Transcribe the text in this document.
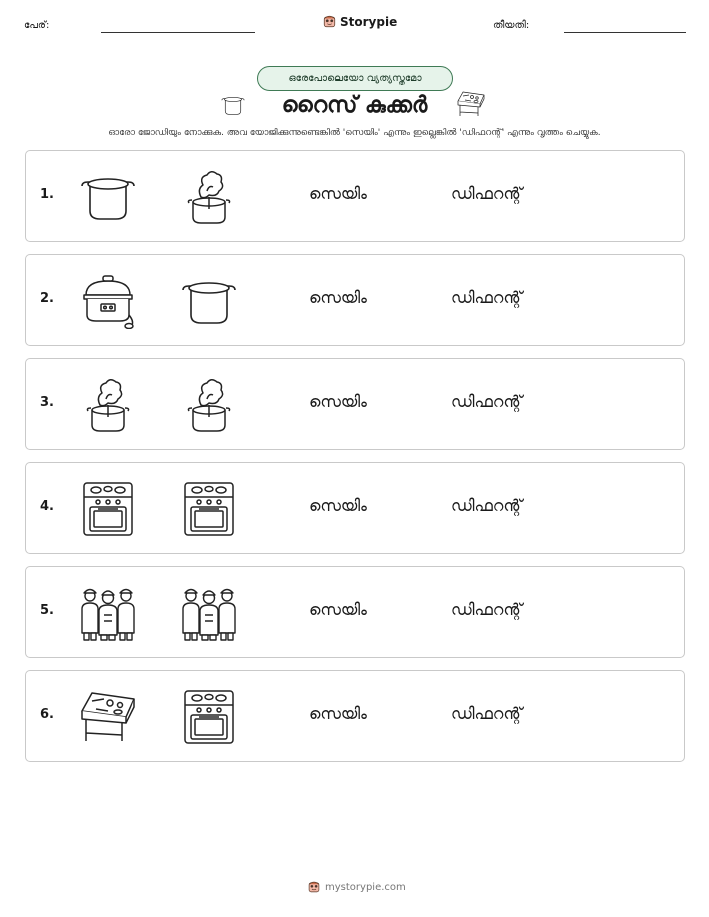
പേര്:	Storypie	തീയതി:
ഒരേപോലെയോ വ്യത്യസ്തമോ
റൈസ് കുക്കർ
ഓരോ ജോഡിയും നോക്കുക. അവ യോജിക്കുന്നുണ്ടെങ്കിൽ 'സെയിം' എന്നും ഇല്ലെങ്കിൽ 'ഡിഫറന്റ്' എന്നും വൃത്തം ചെയ്യുക.
1.	സെയിം	ഡിഫറന്റ്
2.	സെയിം	ഡിഫറന്റ്
3.	സെയിം	ഡിഫറന്റ്
4.	സെയിം	ഡിഫറന്റ്
5.	സെയിം	ഡിഫറന്റ്
6.	സെയിം	ഡിഫറന്റ്
mystorypie.com
